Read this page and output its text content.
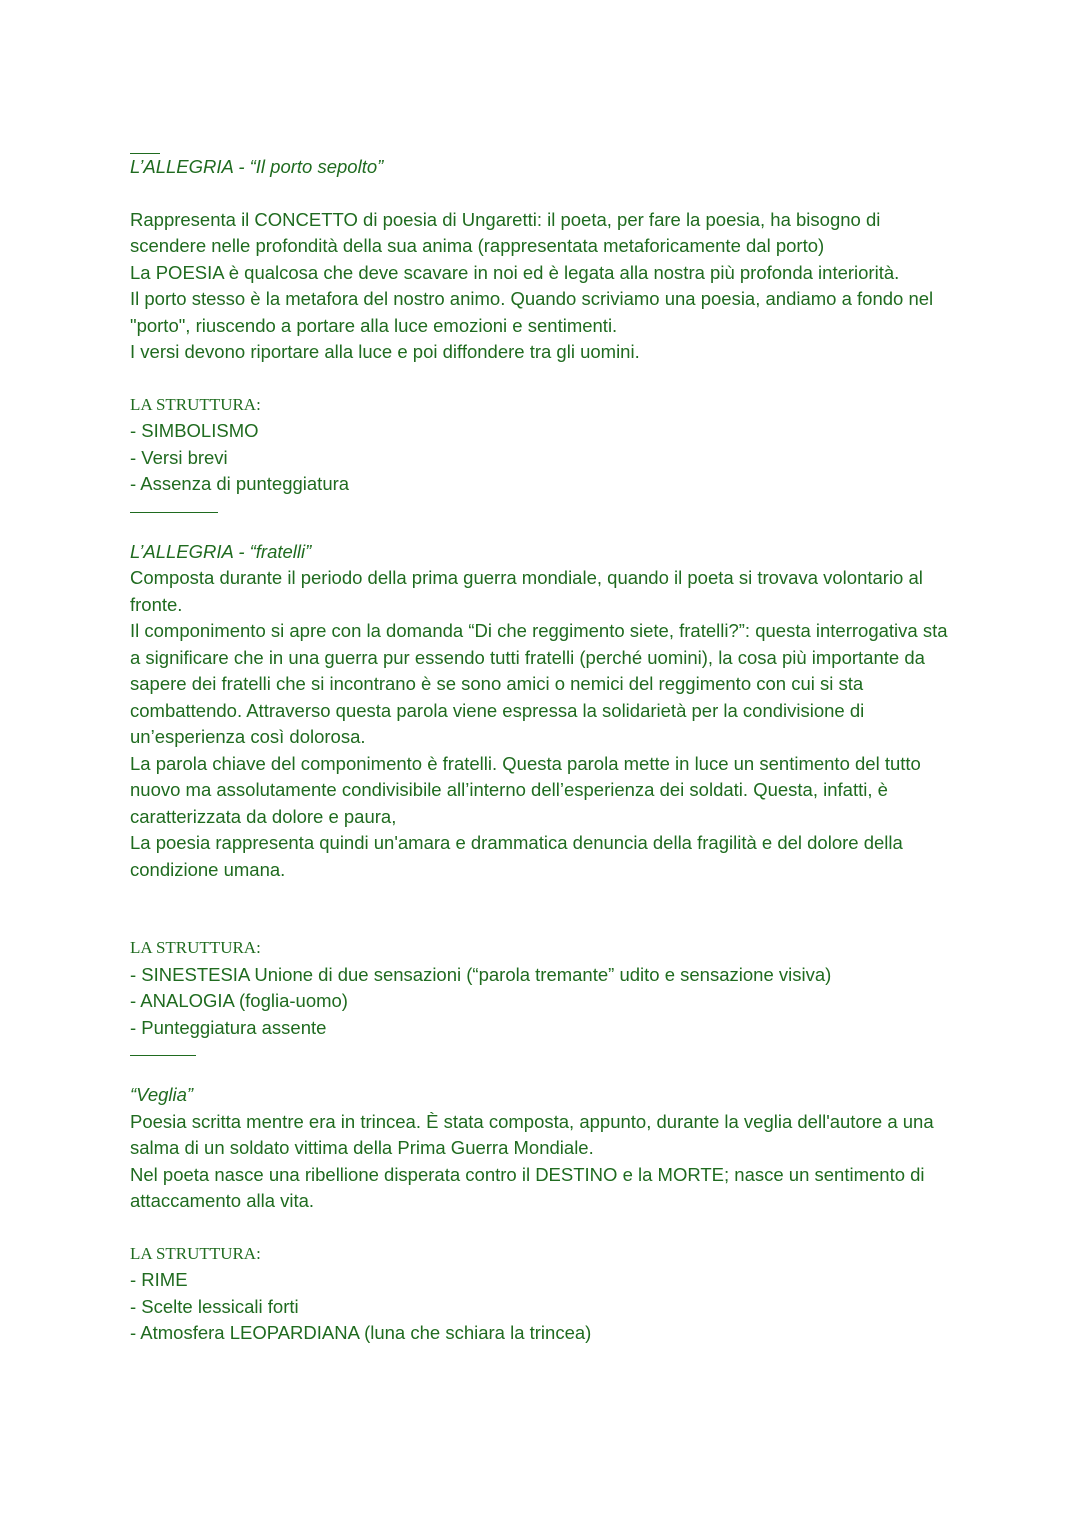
L’ALLEGRIA - “Il porto sepolto”

Rappresenta il CONCETTO di poesia di Ungaretti: il poeta, per fare la poesia, ha bisogno di scendere nelle profondità della sua anima (rappresentata metaforicamente dal porto)

La POESIA è qualcosa che deve scavare in noi ed è legata alla nostra più profonda interiorità.

Il porto stesso è la metafora del nostro animo. Quando scriviamo una poesia, andiamo a fondo nel "porto", riuscendo a portare alla luce emozioni e sentimenti.

I versi devono riportare alla luce e poi diffondere tra gli uomini.

LA STRUTTURA:

- SIMBOLISMO
- Versi brevi
- Assenza di punteggiatura

L’ALLEGRIA - “fratelli”

Composta durante il periodo della prima guerra mondiale, quando il poeta si trovava volontario al fronte.

Il componimento si apre con la domanda “Di che reggimento siete, fratelli?”: questa interrogativa sta a significare che in una guerra pur essendo tutti fratelli (perché uomini), la cosa più importante da sapere dei fratelli che si incontrano è se sono amici o nemici del reggimento con cui si sta combattendo. Attraverso questa parola viene espressa la solidarietà per la condivisione di un’esperienza così dolorosa.

La parola chiave del componimento è fratelli. Questa parola mette in luce un sentimento del tutto nuovo ma assolutamente condivisibile all’interno dell’esperienza dei soldati. Questa, infatti, è caratterizzata da dolore e paura,

La poesia rappresenta quindi un'amara e drammatica denuncia della fragilità e del dolore della condizione umana.

LA STRUTTURA:

- SINESTESIA Unione di due sensazioni (“parola tremante” udito e sensazione visiva)
- ANALOGIA (foglia-uomo)
- Punteggiatura assente

“Veglia”

Poesia scritta mentre era in trincea. È stata composta, appunto, durante la veglia dell'autore a una salma di un soldato vittima della Prima Guerra Mondiale.

Nel poeta nasce una ribellione disperata contro il DESTINO e la MORTE; nasce un sentimento di attaccamento alla vita.

LA STRUTTURA:

- RIME
- Scelte lessicali forti
- Atmosfera LEOPARDIANA (luna che schiara la trincea)
